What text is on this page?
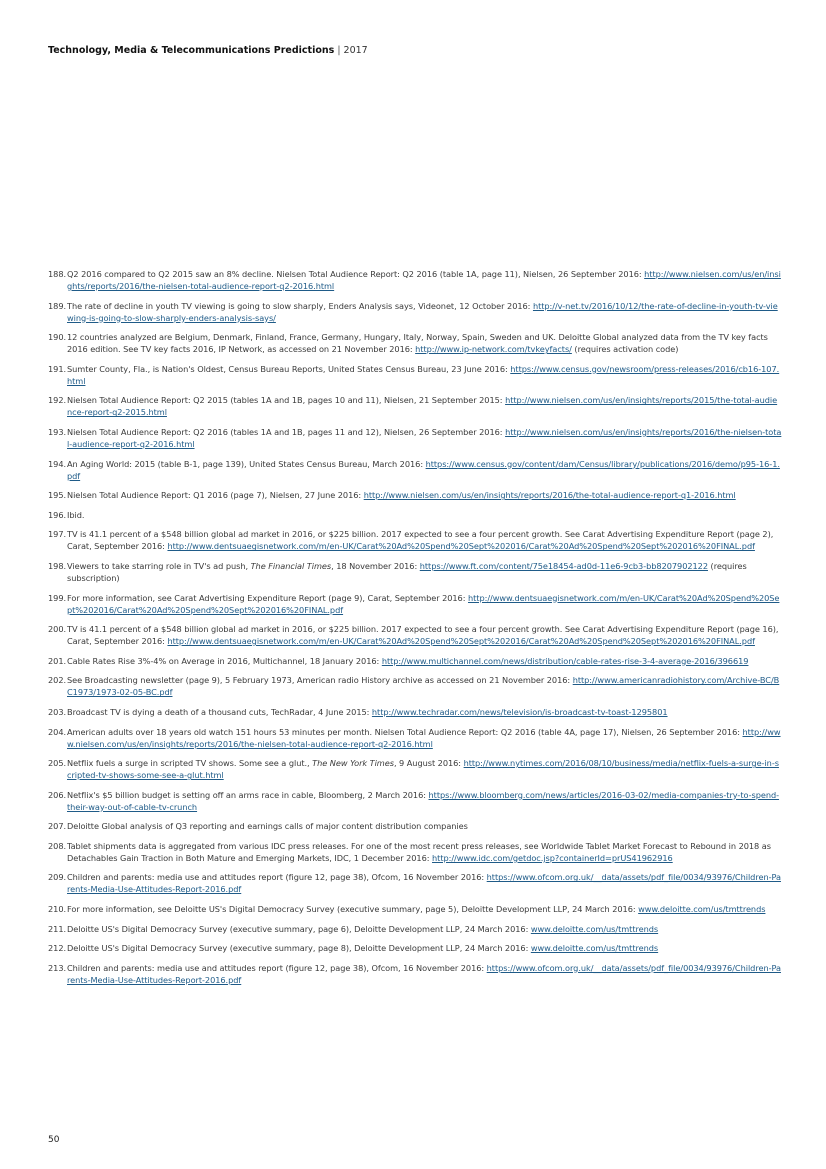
Technology, Media & Telecommunications Predictions | 2017
188. Q2 2016 compared to Q2 2015 saw an 8% decline. Nielsen Total Audience Report: Q2 2016 (table 1A, page 11), Nielsen, 26 September 2016: http://www.nielsen.com/us/en/insights/reports/2016/the-nielsen-total-audience-report-q2-2016.html
189. The rate of decline in youth TV viewing is going to slow sharply, Enders Analysis says, Videonet, 12 October 2016: http://v-net.tv/2016/10/12/the-rate-of-decline-in-youth-tv-viewing-is-going-to-slow-sharply-enders-analysis-says/
190. 12 countries analyzed are Belgium, Denmark, Finland, France, Germany, Hungary, Italy, Norway, Spain, Sweden and UK. Deloitte Global analyzed data from the TV key facts 2016 edition. See TV key facts 2016, IP Network, as accessed on 21 November 2016: http://www.ip-network.com/tvkeyfacts/ (requires activation code)
191. Sumter County, Fla., is Nation's Oldest, Census Bureau Reports, United States Census Bureau, 23 June 2016: https://www.census.gov/newsroom/press-releases/2016/cb16-107.html
192. Nielsen Total Audience Report: Q2 2015 (tables 1A and 1B, pages 10 and 11), Nielsen, 21 September 2015: http://www.nielsen.com/us/en/insights/reports/2015/the-total-audience-report-q2-2015.html
193. Nielsen Total Audience Report: Q2 2016 (tables 1A and 1B, pages 11 and 12), Nielsen, 26 September 2016: http://www.nielsen.com/us/en/insights/reports/2016/the-nielsen-total-audience-report-q2-2016.html
194. An Aging World: 2015 (table B-1, page 139), United States Census Bureau, March 2016: https://www.census.gov/content/dam/Census/library/publications/2016/demo/p95-16-1.pdf
195. Nielsen Total Audience Report: Q1 2016 (page 7), Nielsen, 27 June 2016: http://www.nielsen.com/us/en/insights/reports/2016/the-total-audience-report-q1-2016.html
196. Ibid.
197. TV is 41.1 percent of a $548 billion global ad market in 2016, or $225 billion. 2017 expected to see a four percent growth. See Carat Advertising Expenditure Report (page 2), Carat, September 2016: http://www.dentsuaegisnetwork.com/m/en-UK/Carat%20Ad%20Spend%20Sept%202016/Carat%20Ad%20Spend%20Sept%202016%20FINAL.pdf
198. Viewers to take starring role in TV's ad push, The Financial Times, 18 November 2016: https://www.ft.com/content/75e18454-ad0d-11e6-9cb3-bb8207902122 (requires subscription)
199. For more information, see Carat Advertising Expenditure Report (page 9), Carat, September 2016: http://www.dentsuaegisnetwork.com/m/en-UK/Carat%20Ad%20Spend%20Sept%202016/Carat%20Ad%20Spend%20Sept%202016%20FINAL.pdf
200. TV is 41.1 percent of a $548 billion global ad market in 2016, or $225 billion. 2017 expected to see a four percent growth. See Carat Advertising Expenditure Report (page 16), Carat, September 2016: http://www.dentsuaegisnetwork.com/m/en-UK/Carat%20Ad%20Spend%20Sept%202016/Carat%20Ad%20Spend%20Sept%202016%20FINAL.pdf
201. Cable Rates Rise 3%-4% on Average in 2016, Multichannel, 18 January 2016: http://www.multichannel.com/news/distribution/cable-rates-rise-3-4-average-2016/396619
202. See Broadcasting newsletter (page 9), 5 February 1973, American radio History archive as accessed on 21 November 2016: http://www.americanradiohistory.com/Archive-BC/BC1973/1973-02-05-BC.pdf
203. Broadcast TV is dying a death of a thousand cuts, TechRadar, 4 June 2015: http://www.techradar.com/news/television/is-broadcast-tv-toast-1295801
204. American adults over 18 years old watch 151 hours 53 minutes per month. Nielsen Total Audience Report: Q2 2016 (table 4A, page 17), Nielsen, 26 September 2016: http://www.nielsen.com/us/en/insights/reports/2016/the-nielsen-total-audience-report-q2-2016.html
205. Netflix fuels a surge in scripted TV shows. Some see a glut., The New York Times, 9 August 2016: http://www.nytimes.com/2016/08/10/business/media/netflix-fuels-a-surge-in-scripted-tv-shows-some-see-a-glut.html
206. Netflix's $5 billion budget is setting off an arms race in cable, Bloomberg, 2 March 2016: https://www.bloomberg.com/news/articles/2016-03-02/media-companies-try-to-spend-their-way-out-of-cable-tv-crunch
207. Deloitte Global analysis of Q3 reporting and earnings calls of major content distribution companies
208. Tablet shipments data is aggregated from various IDC press releases. For one of the most recent press releases, see Worldwide Tablet Market Forecast to Rebound in 2018 as Detachables Gain Traction in Both Mature and Emerging Markets, IDC, 1 December 2016: http://www.idc.com/getdoc.jsp?containerId=prUS41962916
209. Children and parents: media use and attitudes report (figure 12, page 38), Ofcom, 16 November 2016: https://www.ofcom.org.uk/__data/assets/pdf_file/0034/93976/Children-Parents-Media-Use-Attitudes-Report-2016.pdf
210. For more information, see Deloitte US's Digital Democracy Survey (executive summary, page 5), Deloitte Development LLP, 24 March 2016: www.deloitte.com/us/tmttrends
211. Deloitte US's Digital Democracy Survey (executive summary, page 6), Deloitte Development LLP, 24 March 2016: www.deloitte.com/us/tmttrends
212. Deloitte US's Digital Democracy Survey (executive summary, page 8), Deloitte Development LLP, 24 March 2016: www.deloitte.com/us/tmttrends
213. Children and parents: media use and attitudes report (figure 12, page 38), Ofcom, 16 November 2016: https://www.ofcom.org.uk/__data/assets/pdf_file/0034/93976/Children-Parents-Media-Use-Attitudes-Report-2016.pdf
50
